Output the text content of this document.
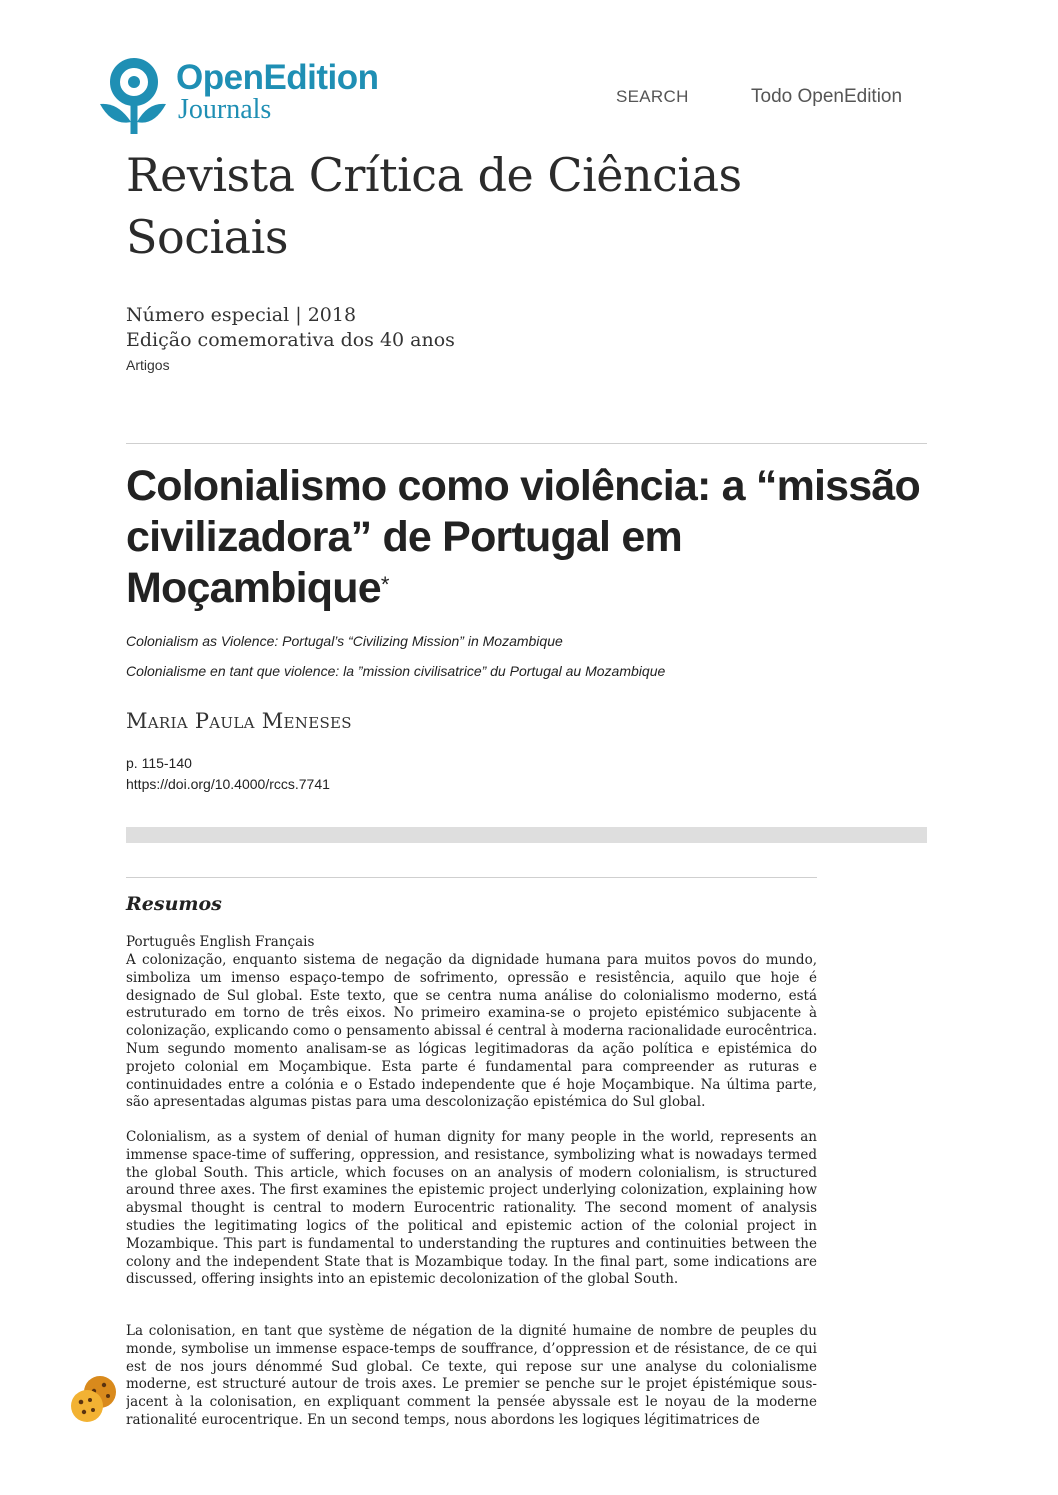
OpenEdition
Journals	SEARCH	Todo OpenEdition
Revista Crítica de Ciências Sociais
Número especial | 2018
Edição comemorativa dos 40 anos
Artigos
Colonialismo como violência: a “missão civilizadora” de Portugal em Moçambique*
Colonialism as Violence: Portugal’s “Civilizing Mission” in Mozambique
Colonialisme en tant que violence: la ”mission civilisatrice” du Portugal au Mozambique
Maria Paula Meneses
p. 115-140
https://doi.org/10.4000/rccs.7741
Resumos
Português English Français
A colonização, enquanto sistema de negação da dignidade humana para muitos povos do mundo, simboliza um imenso espaço-tempo de sofrimento, opressão e resistência, aquilo que hoje é designado de Sul global. Este texto, que se centra numa análise do colonialismo moderno, está estruturado em torno de três eixos. No primeiro examina-se o projeto epistémico subjacente à colonização, explicando como o pensamento abissal é central à moderna racionalidade eurocêntrica. Num segundo momento analisam-se as lógicas legitimadoras da ação política e epistémica do projeto colonial em Moçambique. Esta parte é fundamental para compreender as ruturas e continuidades entre a colónia e o Estado independente que é hoje Moçambique. Na última parte, são apresentadas algumas pistas para uma descolonização epistémica do Sul global.
Colonialism, as a system of denial of human dignity for many people in the world, represents an immense space-time of suffering, oppression, and resistance, symbolizing what is nowadays termed the global South. This article, which focuses on an analysis of modern colonialism, is structured around three axes. The first examines the epistemic project underlying colonization, explaining how abysmal thought is central to modern Eurocentric rationality. The second moment of analysis studies the legitimating logics of the political and epistemic action of the colonial project in Mozambique. This part is fundamental to understanding the ruptures and continuities between the colony and the independent State that is Mozambique today. In the final part, some indications are discussed, offering insights into an epistemic decolonization of the global South.
La colonisation, en tant que système de négation de la dignité humaine de nombre de peuples du monde, symbolise un immense espace-temps de souffrance, d’oppression et de résistance, de ce qui est de nos jours dénommé Sud global. Ce texte, qui repose sur une analyse du colonialisme moderne, est structuré autour de trois axes. Le premier se penche sur le projet épistémique sous-jacent à la colonisation, en expliquant comment la pensée abyssale est le noyau de la moderne rationalité eurocentrique. En un second temps, nous abordons les logiques légitimatrices de
